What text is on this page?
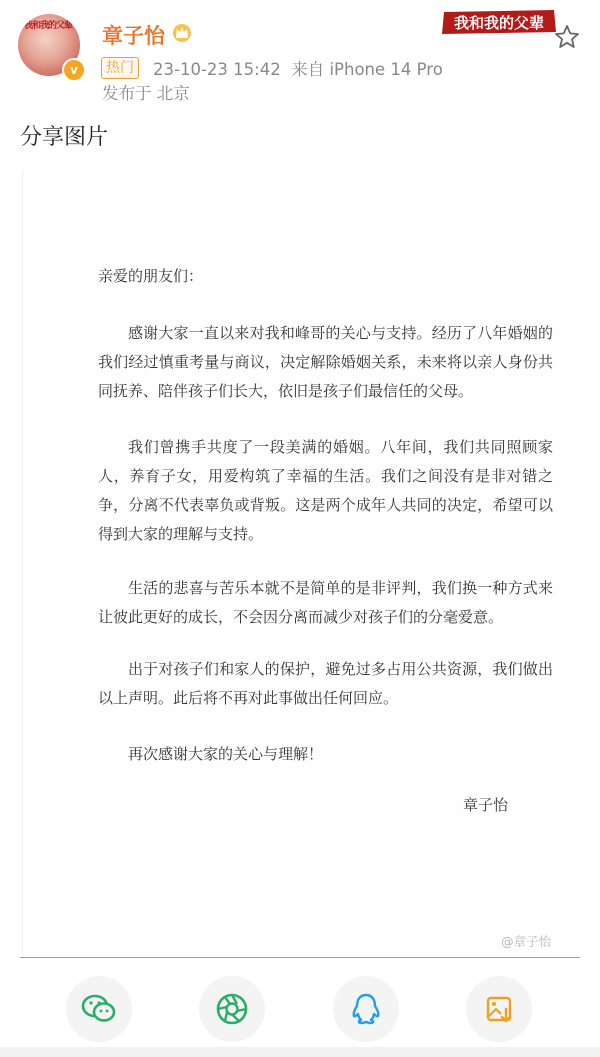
我和我的父辈
v
章子怡
热门	23-10-23 15:42 来自 iPhone 14 Pro
发布于 北京
我和我的父辈
分享图片

亲爱的朋友们：

感谢大家一直以来对我和峰哥的关心与支持。经历了八年婚姻的我们经过慎重考量与商议，决定解除婚姻关系，未来将以亲人身份共同抚养、陪伴孩子们长大，依旧是孩子们最信任的父母。

我们曾携手共度了一段美满的婚姻。八年间，我们共同照顾家人，养育子女，用爱构筑了幸福的生活。我们之间没有是非对错之争，分离不代表辜负或背叛。这是两个成年人共同的决定，希望可以得到大家的理解与支持。

生活的悲喜与苦乐本就不是简单的是非评判，我们换一种方式来让彼此更好的成长，不会因分离而减少对孩子们的分毫爱意。

出于对孩子们和家人的保护，避免过多占用公共资源，我们做出以上声明。此后将不再对此事做出任何回应。

再次感谢大家的关心与理解！

章子怡
@章子怡
